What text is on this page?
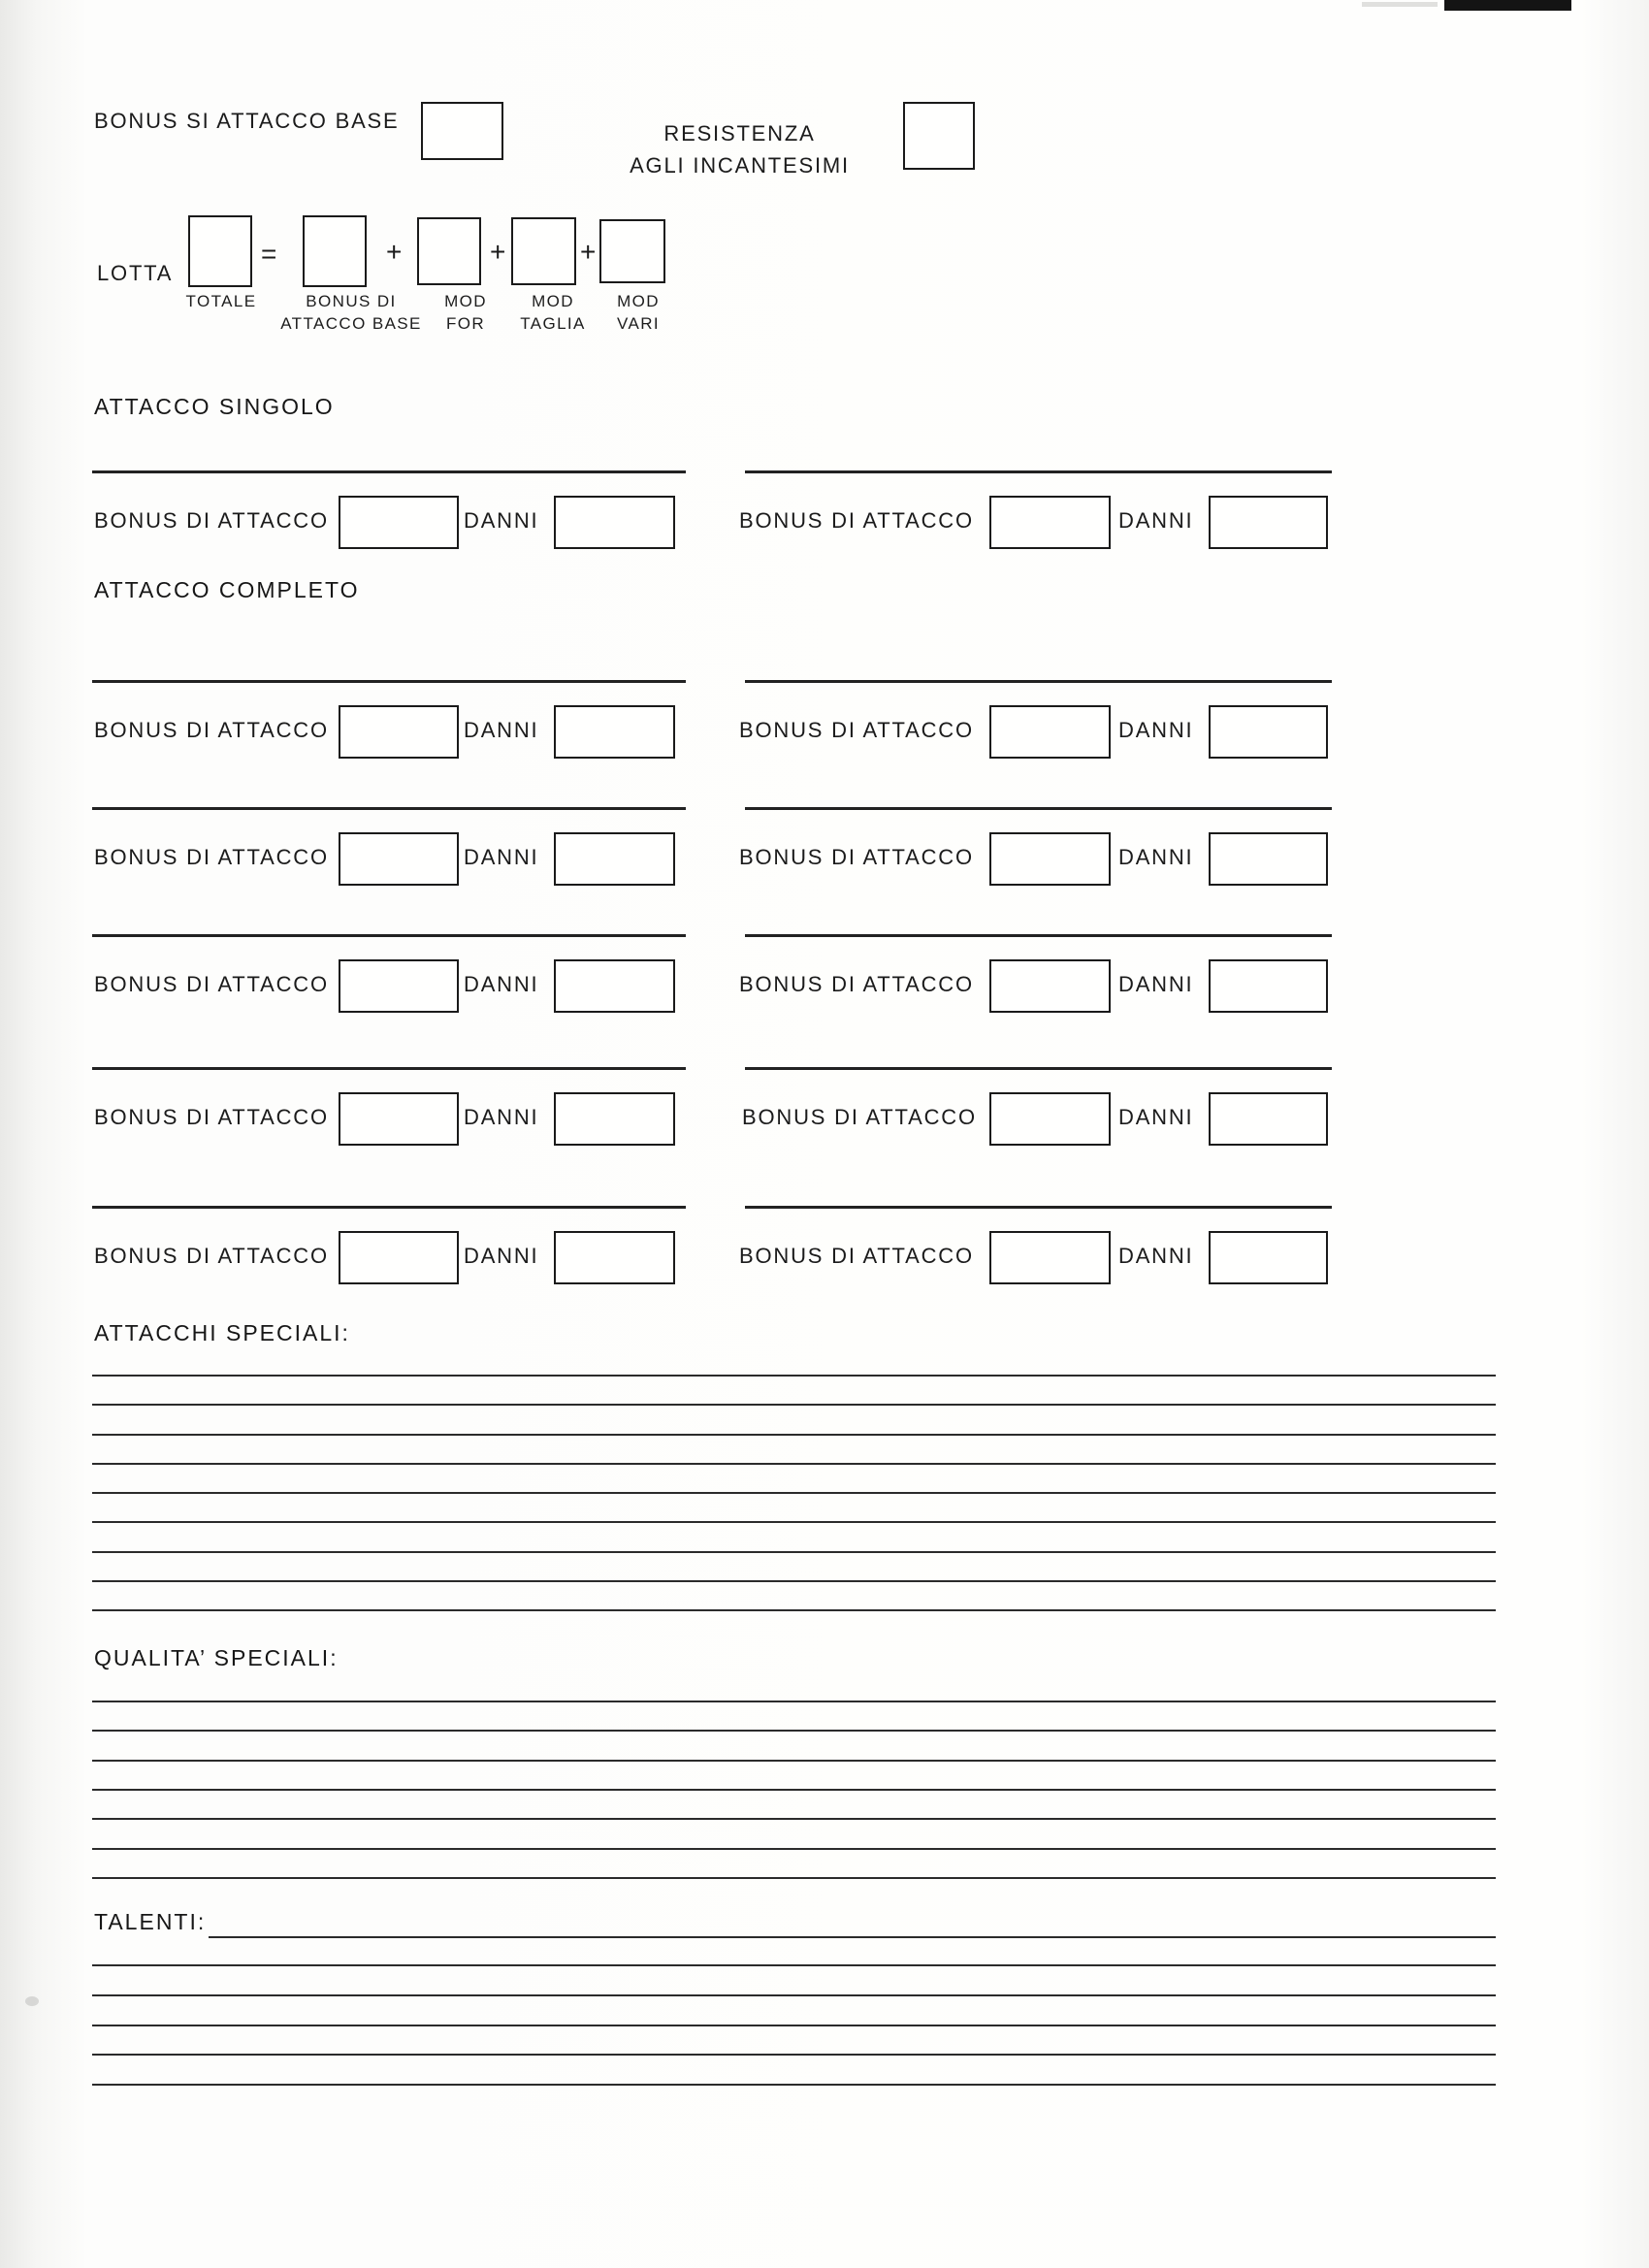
BONUS SI ATTACCO BASE
RESISTENZA
AGLI INCANTESIMI
LOTTA
=	+	+	+
TOTALE	BONUS DI
ATTACCO BASE
MOD
FOR
MOD
TAGLIA
MOD
VARI
ATTACCO SINGOLO
BONUS DI ATTACCO	DANNI	BONUS DI ATTACCO	DANNI
ATTACCO COMPLETO
BONUS DI ATTACCO	DANNI	BONUS DI ATTACCO	DANNI
BONUS DI ATTACCO	DANNI	BONUS DI ATTACCO	DANNI
BONUS DI ATTACCO	DANNI	BONUS DI ATTACCO	DANNI
BONUS DI ATTACCO	DANNI	BONUS DI ATTACCO	DANNI
BONUS DI ATTACCO	DANNI	BONUS DI ATTACCO	DANNI
ATTACCHI SPECIALI:
QUALITA’ SPECIALI:
TALENTI:
